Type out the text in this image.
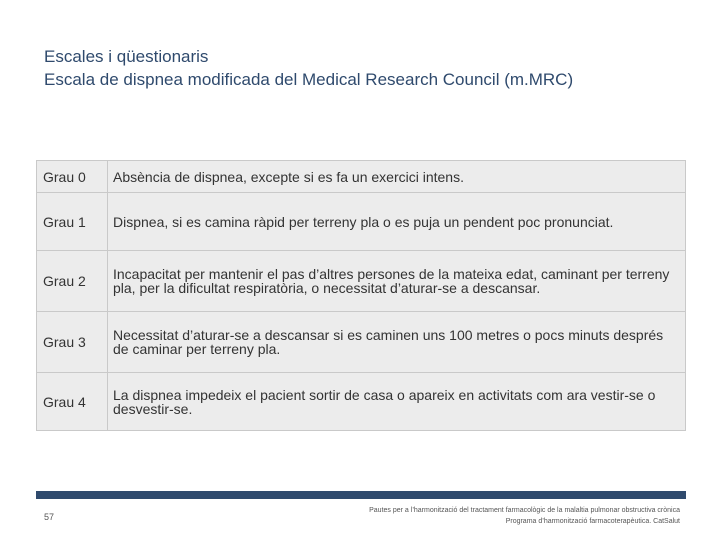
Escales i qüestionaris
Escala de dispnea modificada del Medical Research Council (m.MRC)
Grau 0	Absència de dispnea, excepte si es fa un exercici intens.
Grau 1	Dispnea, si es camina ràpid per terreny pla o es puja un pendent poc pronunciat.
Grau 2	Incapacitat per mantenir el pas d’altres persones de la mateixa edat, caminant per terreny pla, per la dificultat respiratòria, o necessitat d’aturar-se a descansar.
Grau 3	Necessitat d’aturar-se a descansar si es caminen uns 100 metres o pocs minuts després de caminar per terreny pla.
Grau 4	La dispnea impedeix el pacient sortir de casa o apareix en activitats com ara vestir-se o desvestir-se.
57
Pautes per a l’harmonització del tractament farmacològic de la malaltia pulmonar obstructiva crònica
Programa d’harmonització farmacoterapèutica. CatSalut
